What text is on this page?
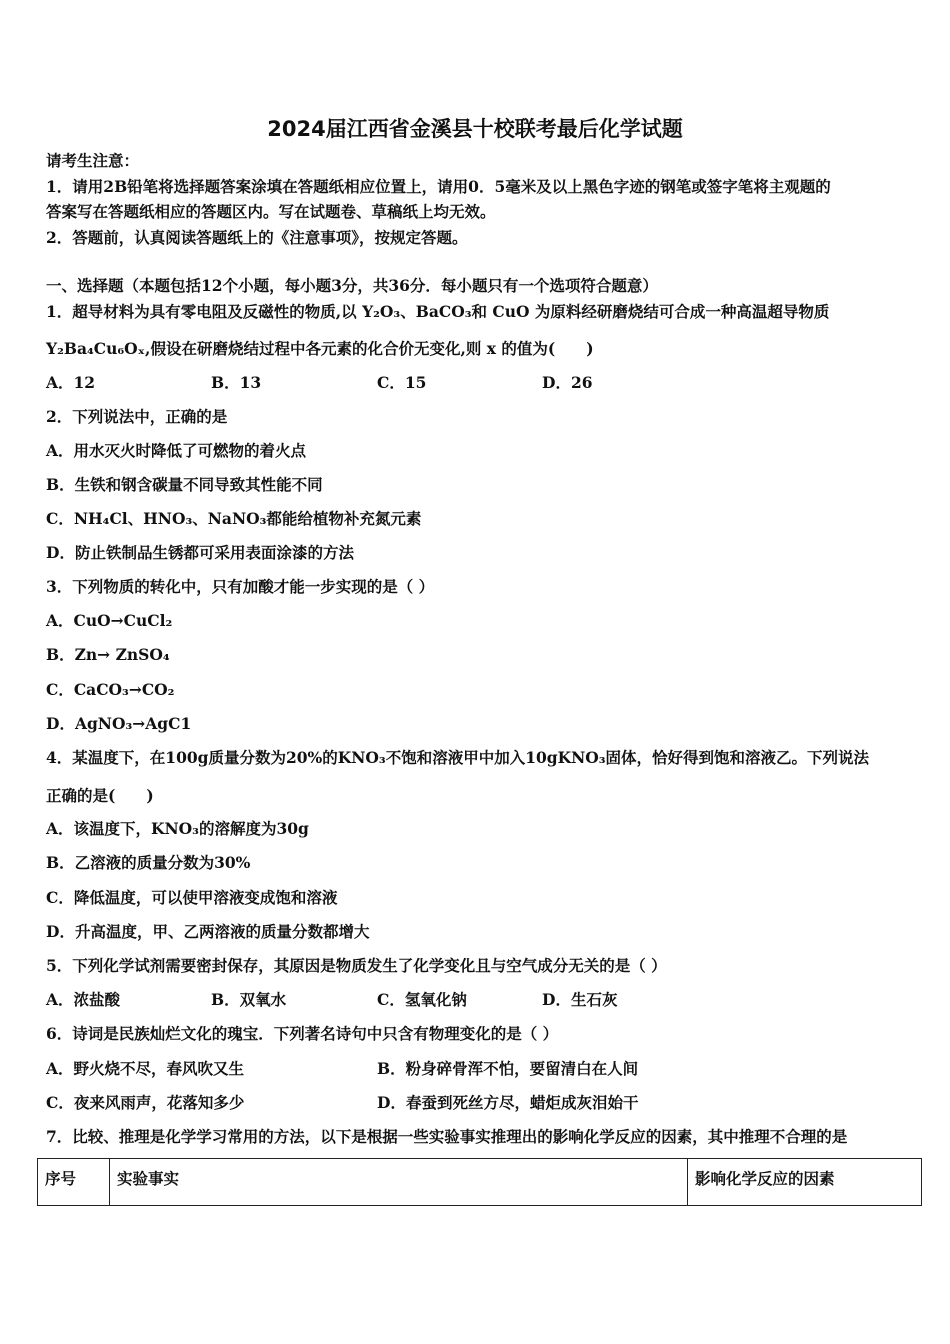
2024届江西省金溪县十校联考最后化学试题
请考生注意：
1．请用2B铅笔将选择题答案涂填在答题纸相应位置上，请用0．5毫米及以上黑色字迹的钢笔或签字笔将主观题的
答案写在答题纸相应的答题区内。写在试题卷、草稿纸上均无效。
2．答题前，认真阅读答题纸上的《注意事项》，按规定答题。
一、选择题（本题包括12个小题，每小题3分，共36分．每小题只有一个选项符合题意）
1．超导材料为具有零电阻及反磁性的物质,以 Y₂O₃、BaCO₃和 CuO 为原料经研磨烧结可合成一种高温超导物质
Y₂Ba₄Cu₆Oₓ,假设在研磨烧结过程中各元素的化合价无变化,则 x 的值为(　　)
A．12	B．13	C．15	D．26
2．下列说法中，正确的是
A．用水灭火时降低了可燃物的着火点
B．生铁和钢含碳量不同导致其性能不同
C．NH₄Cl、HNO₃、NaNO₃都能给植物补充氮元素
D．防止铁制品生锈都可采用表面涂漆的方法
3．下列物质的转化中，只有加酸才能一步实现的是（ ）
A．CuO→CuCl₂
B．Zn→ ZnSO₄
C．CaCO₃→CO₂
D．AgNO₃→AgC1
4．某温度下，在100g质量分数为20%的KNO₃不饱和溶液甲中加入10gKNO₃固体，恰好得到饱和溶液乙。下列说法
正确的是(　　)
A．该温度下，KNO₃的溶解度为30g
B．乙溶液的质量分数为30%
C．降低温度，可以使甲溶液变成饱和溶液
D．升高温度，甲、乙两溶液的质量分数都增大
5．下列化学试剂需要密封保存，其原因是物质发生了化学变化且与空气成分无关的是（ ）
A．浓盐酸	B．双氧水	C．氢氧化钠	D．生石灰
6．诗词是民族灿烂文化的瑰宝．下列著名诗句中只含有物理变化的是（ ）
A．野火烧不尽，春风吹又生	B．粉身碎骨浑不怕，要留清白在人间
C．夜来风雨声，花落知多少	D．春蚕到死丝方尽，蜡炬成灰泪始干
7．比较、推理是化学学习常用的方法，以下是根据一些实验事实推理出的影响化学反应的因素，其中推理不合理的是
序号	实验事实	影响化学反应的因素
